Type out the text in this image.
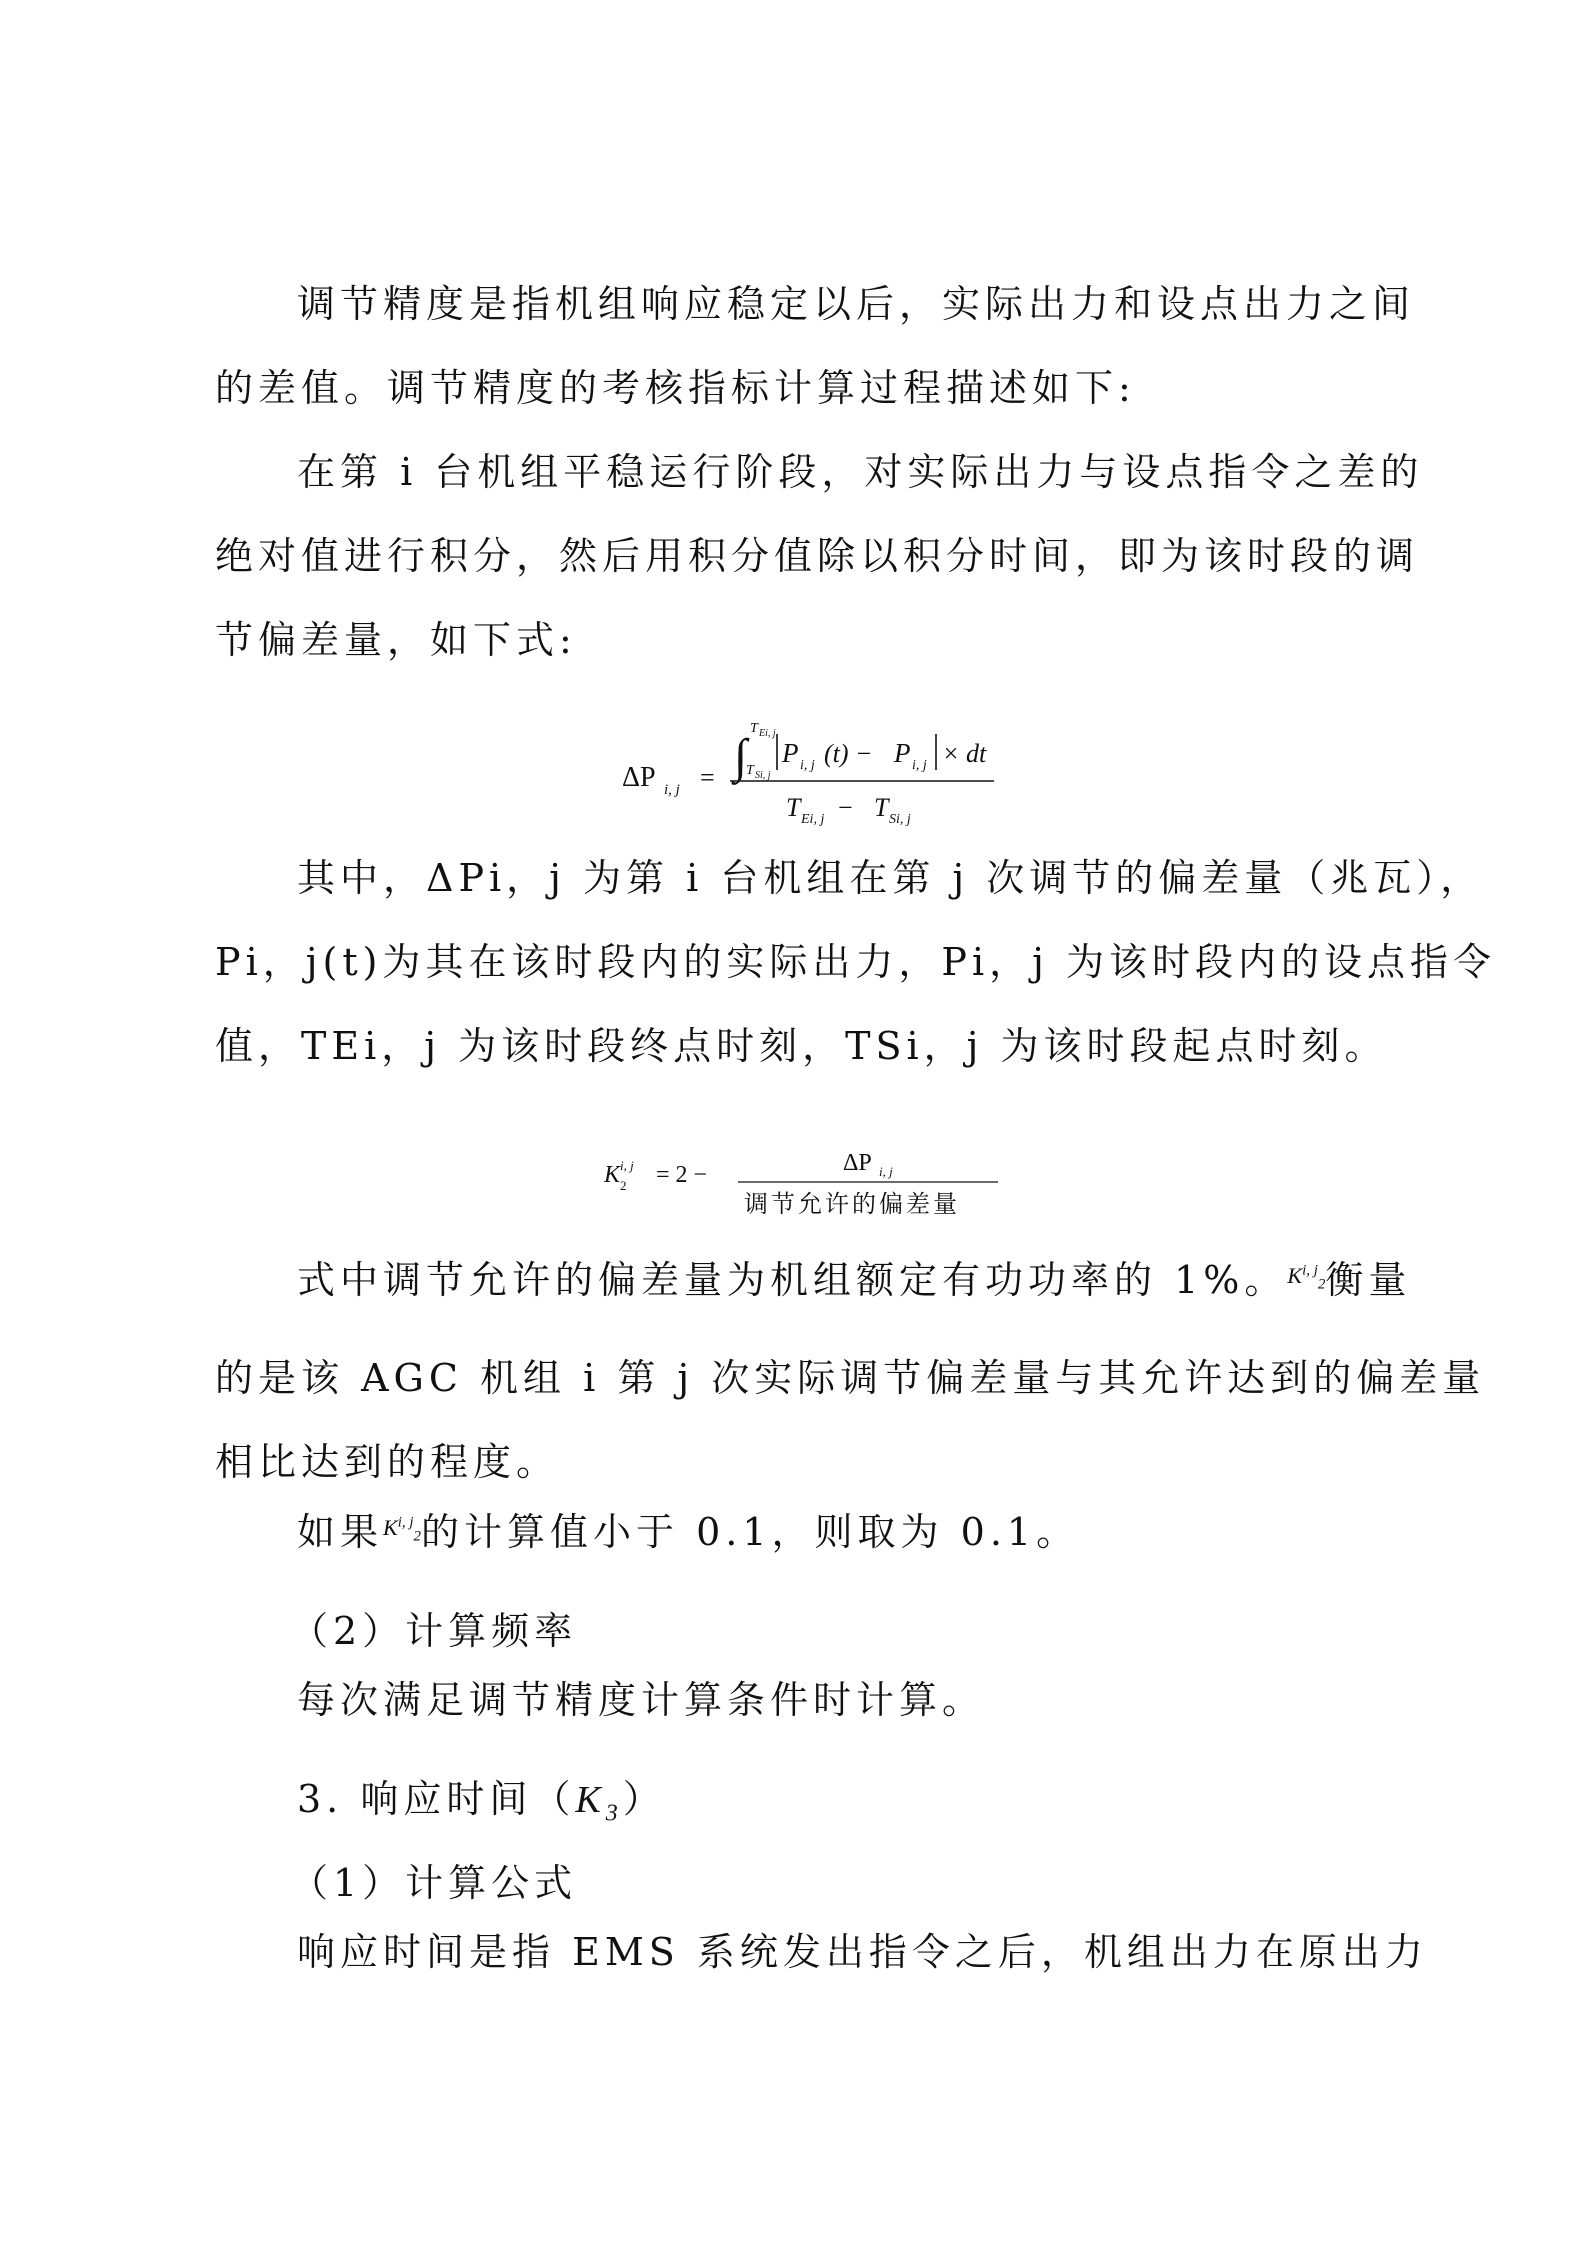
调节精度是指机组响应稳定以后，实际出力和设点出力之间
的差值。调节精度的考核指标计算过程描述如下:

在第 i 台机组平稳运行阶段，对实际出力与设点指令之差的
绝对值进行积分，然后用积分值除以积分时间，即为该时段的调
节偏差量，如下式:

ΔP i, j = ∫
T Ei, j
T Si, j
P i, j (t) − P i, j × dt
T Ei, j − T Si, j

其中，ΔPi，j 为第 i 台机组在第 j 次调节的偏差量（兆瓦），
Pi，j(t)为其在该时段内的实际出力，Pi，j 为该时段内的设点指令
值，TEi，j 为该时段终点时刻，TSi，j 为该时段起点时刻。

K 2
i, j = 2 −	ΔP i, j
调节允许的偏差量

式中调节允许的偏差量为机组额定有功功率的 1%。$^{K^{i, j}_2}$衡量
的是该 AGC 机组 i 第 j 次实际调节偏差量与其允许达到的偏差量
相比达到的程度。

如果$^{K^{i, j}_2}$的计算值小于 0.1，则取为 0.1。

（2）计算频率

每次满足调节精度计算条件时计算。

3. 响应时间$(K_3)$
（1）计算公式

响应时间是指 EMS 系统发出指令之后，机组出力在原出力
